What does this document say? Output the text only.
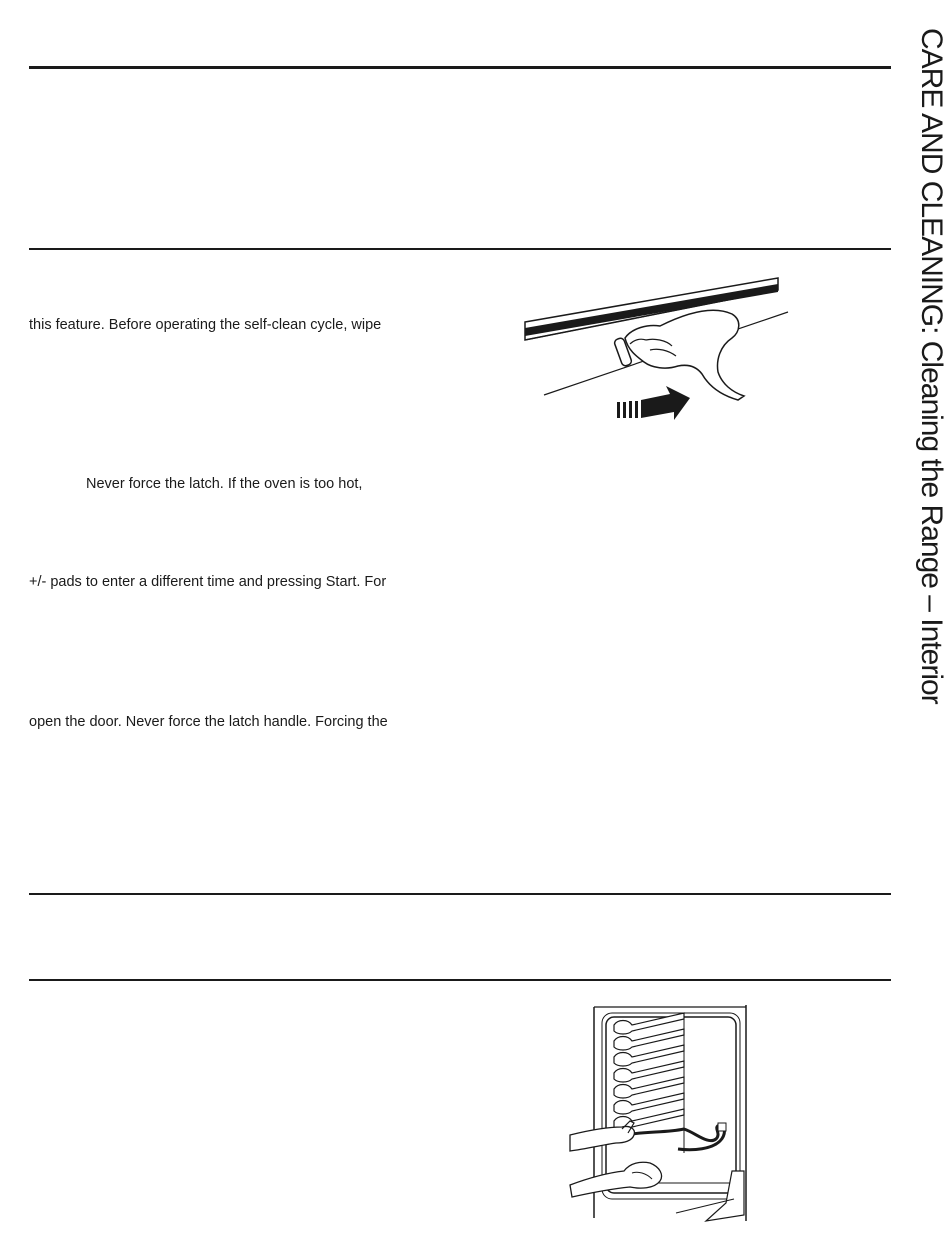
this feature. Before operating the self-clean cycle, wipe
Never force the latch. If the oven is too hot,
+/- pads to enter a different time and pressing Start. For
open the door. Never force the latch handle. Forcing the
CARE AND CLEANING: Cleaning the Range – Interior
